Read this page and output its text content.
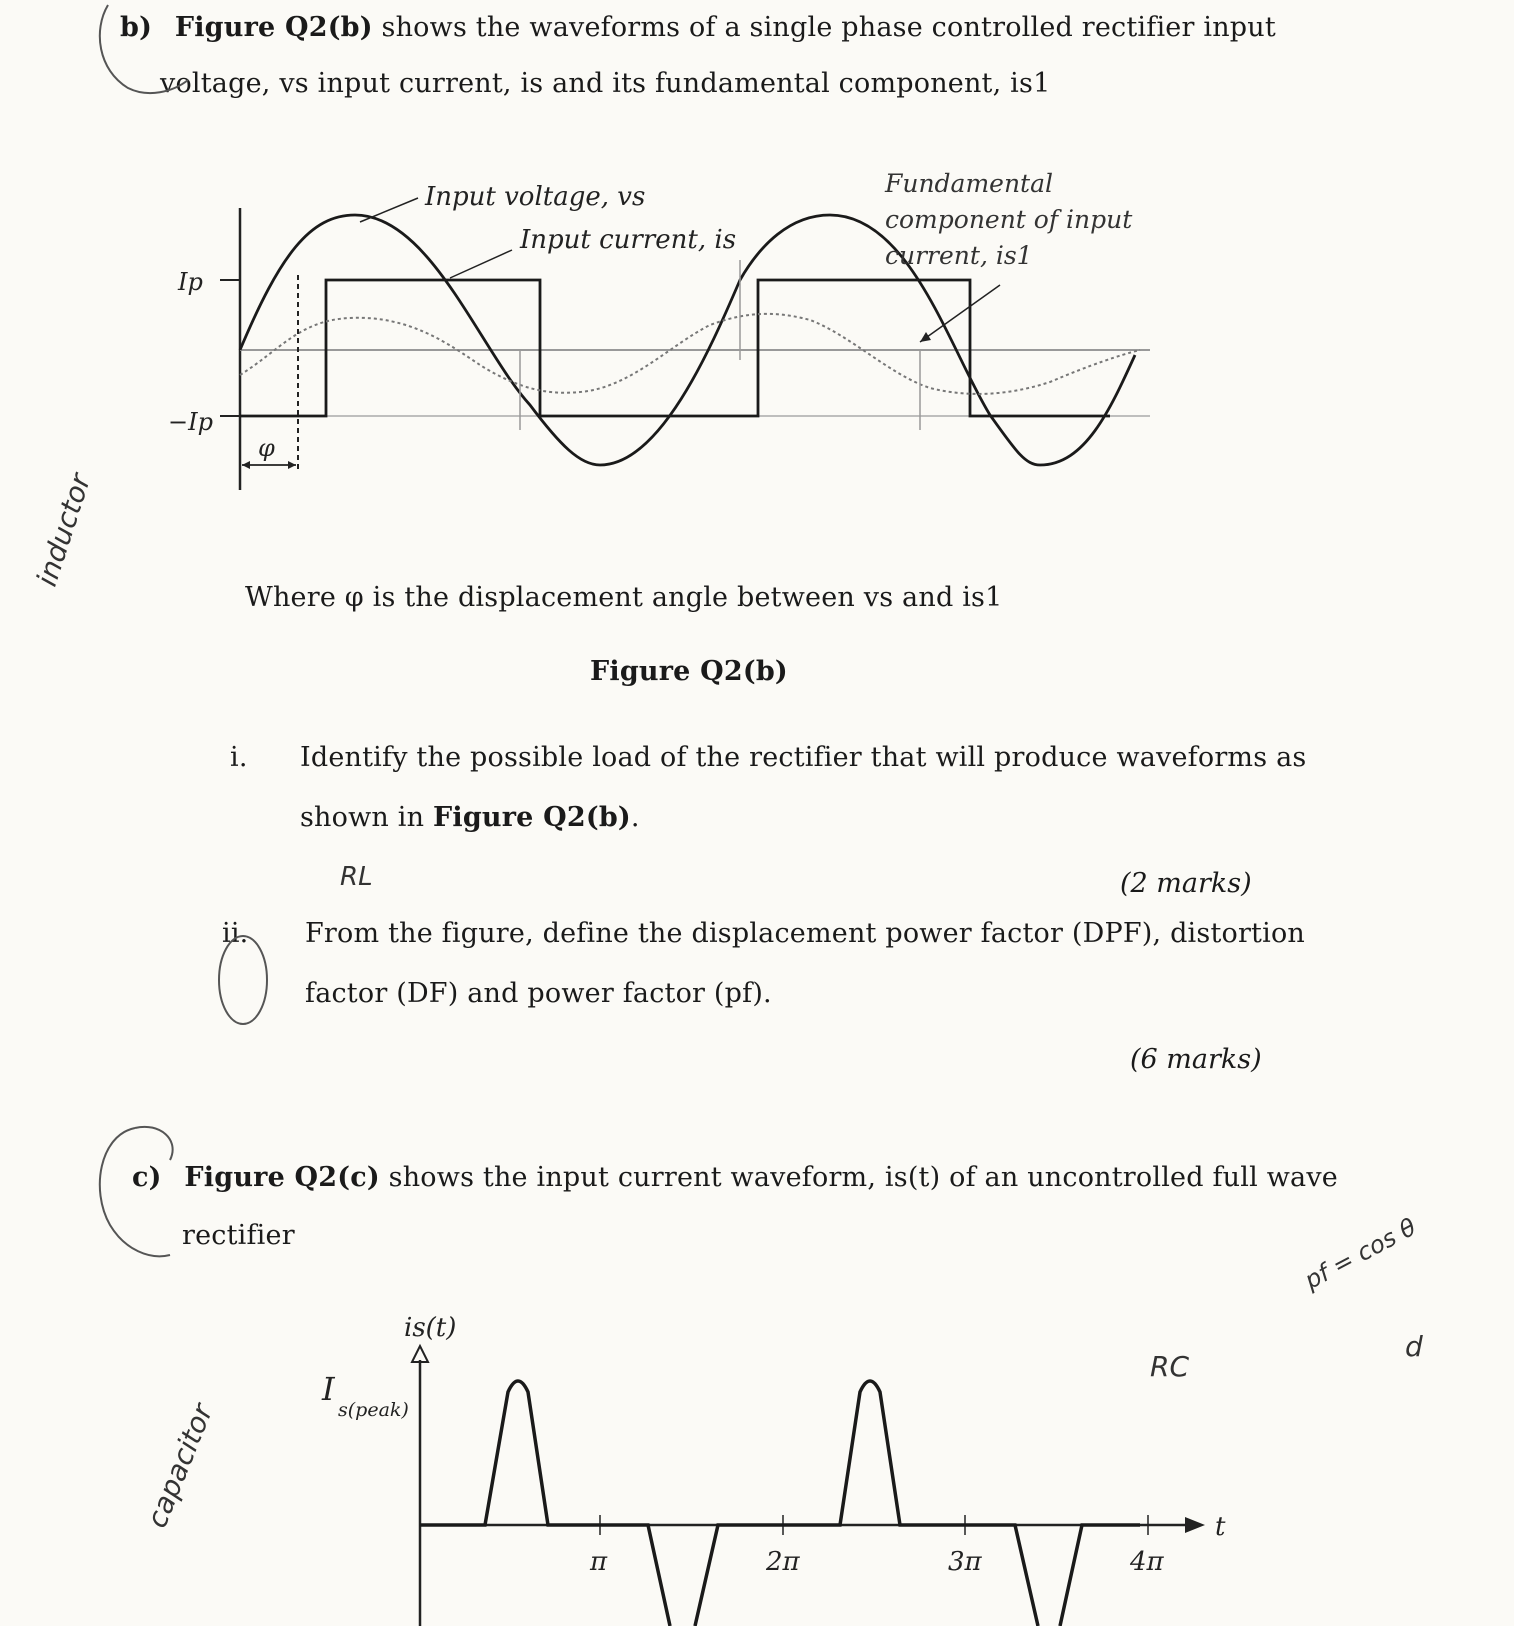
b) Figure Q2(b) shows the waveforms of a single phase controlled rectifier input
voltage, vs input current, is and its fundamental component, is1
Input voltage, vs
Input current, is
Fundamental
component of input
current, is1
Ip
−Ip
φ
Where φ is the displacement angle between vs and is1
Figure Q2(b)
i. Identify the possible load of the rectifier that will produce waveforms as
shown in Figure Q2(b).
(2 marks)
ii. From the figure, define the displacement power factor (DPF), distortion
factor (DF) and power factor (pf).
(6 marks)
c) Figure Q2(c) shows the input current waveform, is(t) of an uncontrolled full wave
rectifier
is(t)
I
s(peak)
t
π	2π	3π	4π
inductor
RL
capacitor
RC
pf = cos θ
d
